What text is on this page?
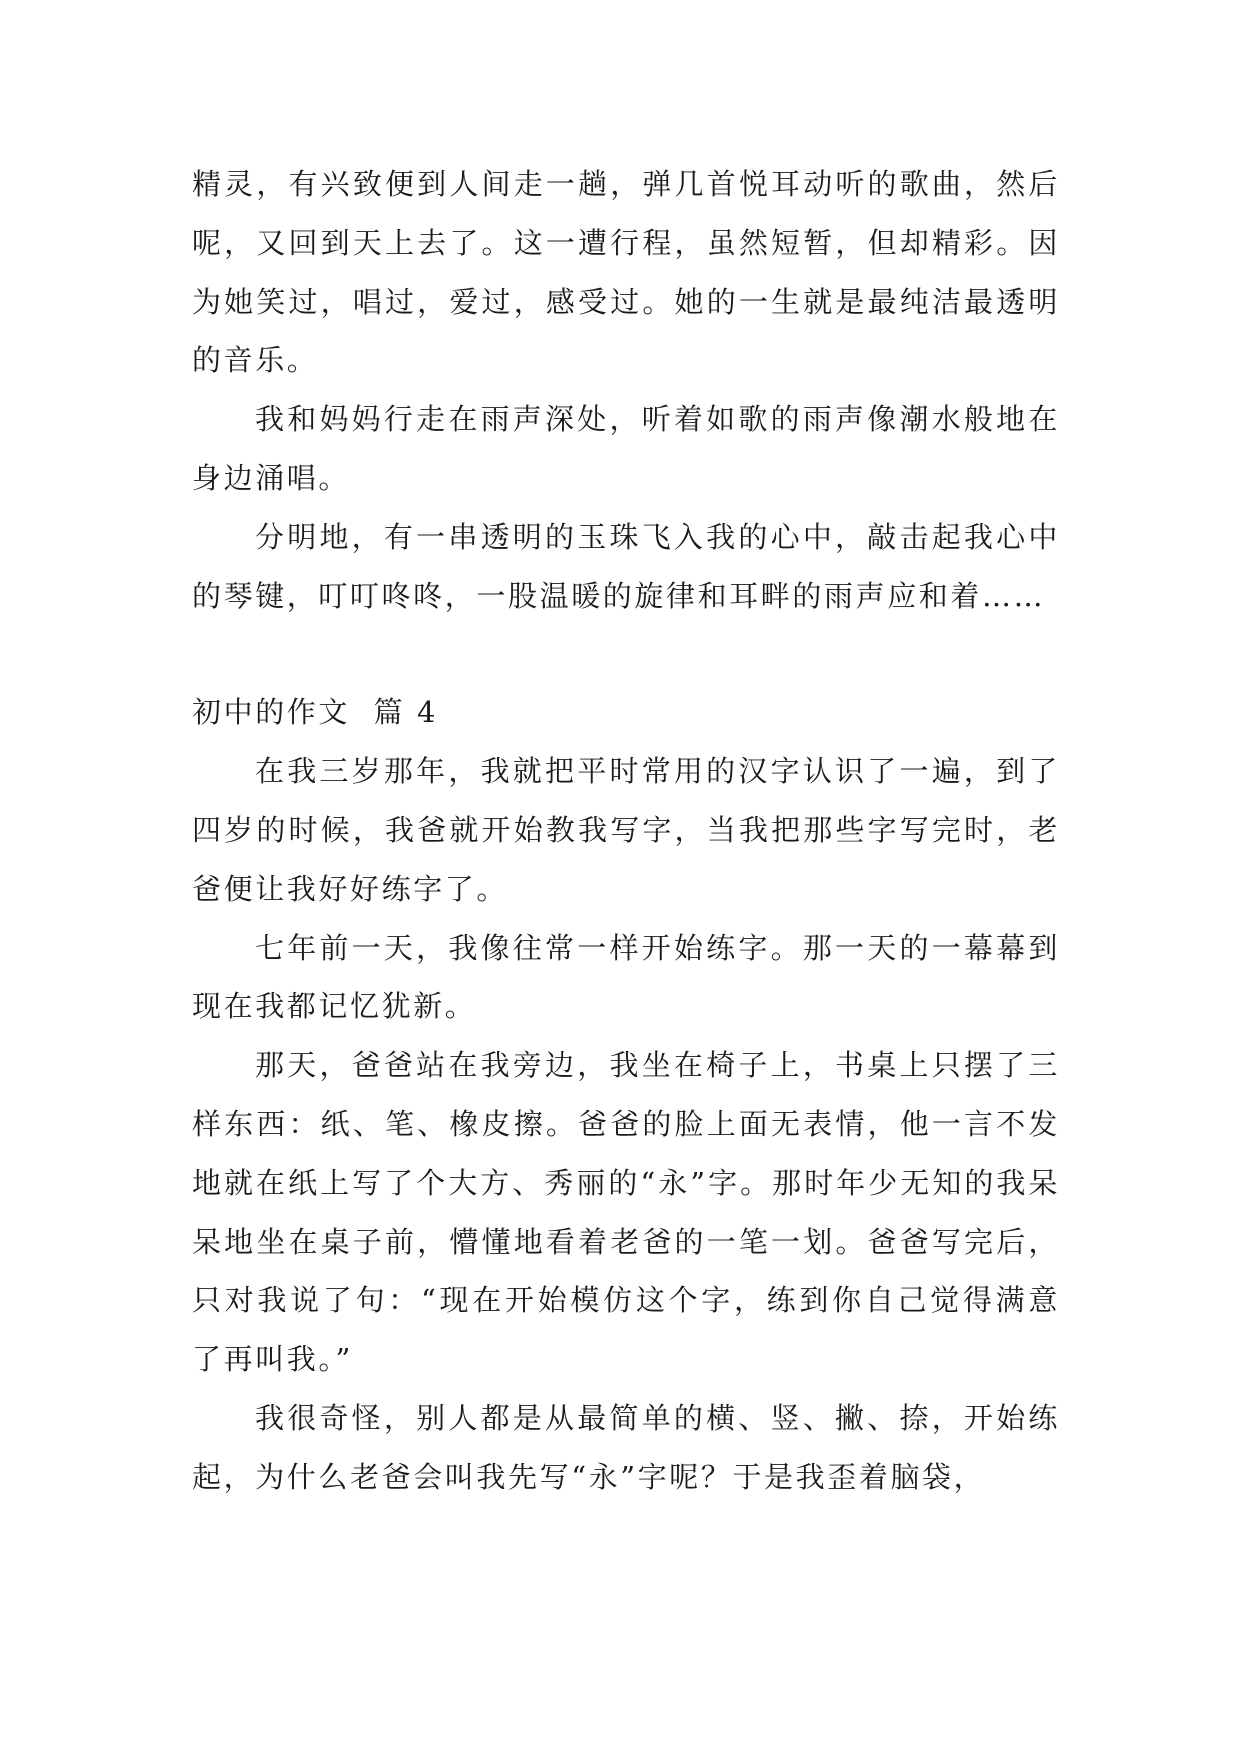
精灵，有兴致便到人间走一趟，弹几首悦耳动听的歌曲，然后呢，又回到天上去了。这一遭行程，虽然短暂，但却精彩。因为她笑过，唱过，爱过，感受过。她的一生就是最纯洁最透明的音乐。

我和妈妈行走在雨声深处，听着如歌的雨声像潮水般地在身边涌唱。

分明地，有一串透明的玉珠飞入我的心中，敲击起我心中的琴键，叮叮咚咚，一股温暖的旋律和耳畔的雨声应和着……

初中的作文  篇 4

在我三岁那年，我就把平时常用的汉字认识了一遍，到了四岁的时候，我爸就开始教我写字，当我把那些字写完时，老爸便让我好好练字了。

七年前一天，我像往常一样开始练字。那一天的一幕幕到现在我都记忆犹新。

那天，爸爸站在我旁边，我坐在椅子上，书桌上只摆了三样东西：纸、笔、橡皮擦。爸爸的脸上面无表情，他一言不发地就在纸上写了个大方、秀丽的“永”字。那时年少无知的我呆呆地坐在桌子前，懵懂地看着老爸的一笔一划。爸爸写完后，只对我说了句：“现在开始模仿这个字，练到你自己觉得满意了再叫我。”

我很奇怪，别人都是从最简单的横、竖、撇、捺，开始练起，为什么老爸会叫我先写“永”字呢？于是我歪着脑袋，
